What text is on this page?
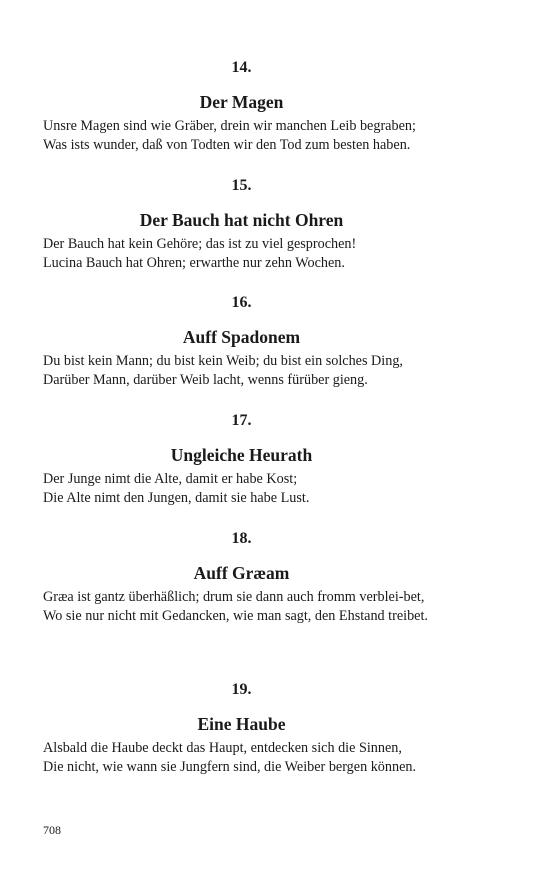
14.

Der Magen

Unsre Magen sind wie Gräber, drein wir manchen Leib begraben;

Was ists wunder, daß von Todten wir den Tod zum besten haben.

15.

Der Bauch hat nicht Ohren

Der Bauch hat kein Gehöre; das ist zu viel gesprochen!

Lucina Bauch hat Ohren; erwarthe nur zehn Wochen.

16.

Auff Spadonem

Du bist kein Mann; du bist kein Weib; du bist ein solches Ding,

Darüber Mann, darüber Weib lacht, wenns fürüber gieng.

17.

Ungleiche Heurath

Der Junge nimt die Alte, damit er habe Kost;

Die Alte nimt den Jungen, damit sie habe Lust.

18.

Auff Græam

Græa ist gantz überhäßlich; drum sie dann auch fromm verblei-bet,

Wo sie nur nicht mit Gedancken, wie man sagt, den Ehstand treibet.

19.

Eine Haube

Alsbald die Haube deckt das Haupt, entdecken sich die Sinnen,

Die nicht, wie wann sie Jungfern sind, die Weiber bergen können.

708
